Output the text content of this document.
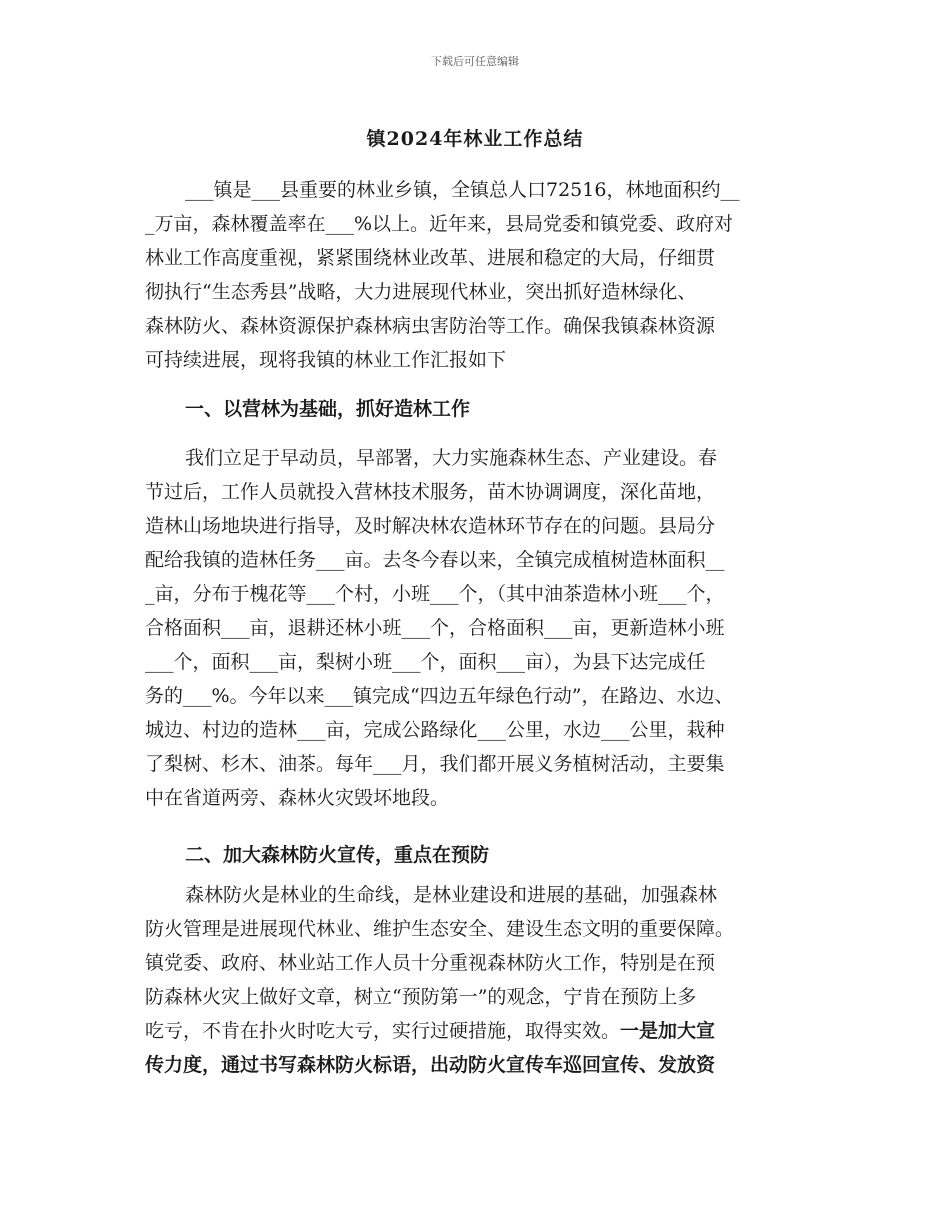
下载后可任意编辑
镇2024年林业工作总结
___镇是___县重要的林业乡镇，全镇总人口72516，林地面积约__
_万亩，森林覆盖率在___%以上。近年来，县局党委和镇党委、政府对
林业工作高度重视，紧紧围绕林业改革、进展和稳定的大局，仔细贯
彻执行“生态秀县”战略，大力进展现代林业，突出抓好造林绿化、
森林防火、森林资源保护森林病虫害防治等工作。确保我镇森林资源
可持续进展，现将我镇的林业工作汇报如下
一、以营林为基础，抓好造林工作
我们立足于早动员，早部署，大力实施森林生态、产业建设。春
节过后，工作人员就投入营林技术服务，苗木协调调度，深化苗地，
造林山场地块进行指导，及时解决林农造林环节存在的问题。县局分
配给我镇的造林任务___亩。去冬今春以来，全镇完成植树造林面积__
_亩，分布于槐花等___个村，小班___个，（其中油茶造林小班___个，
合格面积___亩，退耕还林小班___个，合格面积___亩，更新造林小班
___个，面积___亩，梨树小班___个，面积___亩），为县下达完成任
务的___%。今年以来___镇完成“四边五年绿色行动”，在路边、水边、
城边、村边的造林___亩，完成公路绿化___公里，水边___公里，栽种
了梨树、杉木、油茶。每年___月，我们都开展义务植树活动，主要集
中在省道两旁、森林火灾毁坏地段。
二、加大森林防火宣传，重点在预防
森林防火是林业的生命线，是林业建设和进展的基础，加强森林
防火管理是进展现代林业、维护生态安全、建设生态文明的重要保障。
镇党委、政府、林业站工作人员十分重视森林防火工作，特别是在预
防森林火灾上做好文章，树立“预防第一”的观念，宁肯在预防上多
吃亏，不肯在扑火时吃大亏，实行过硬措施，取得实效。一是加大宣
传力度，通过书写森林防火标语，出动防火宣传车巡回宣传、发放资
